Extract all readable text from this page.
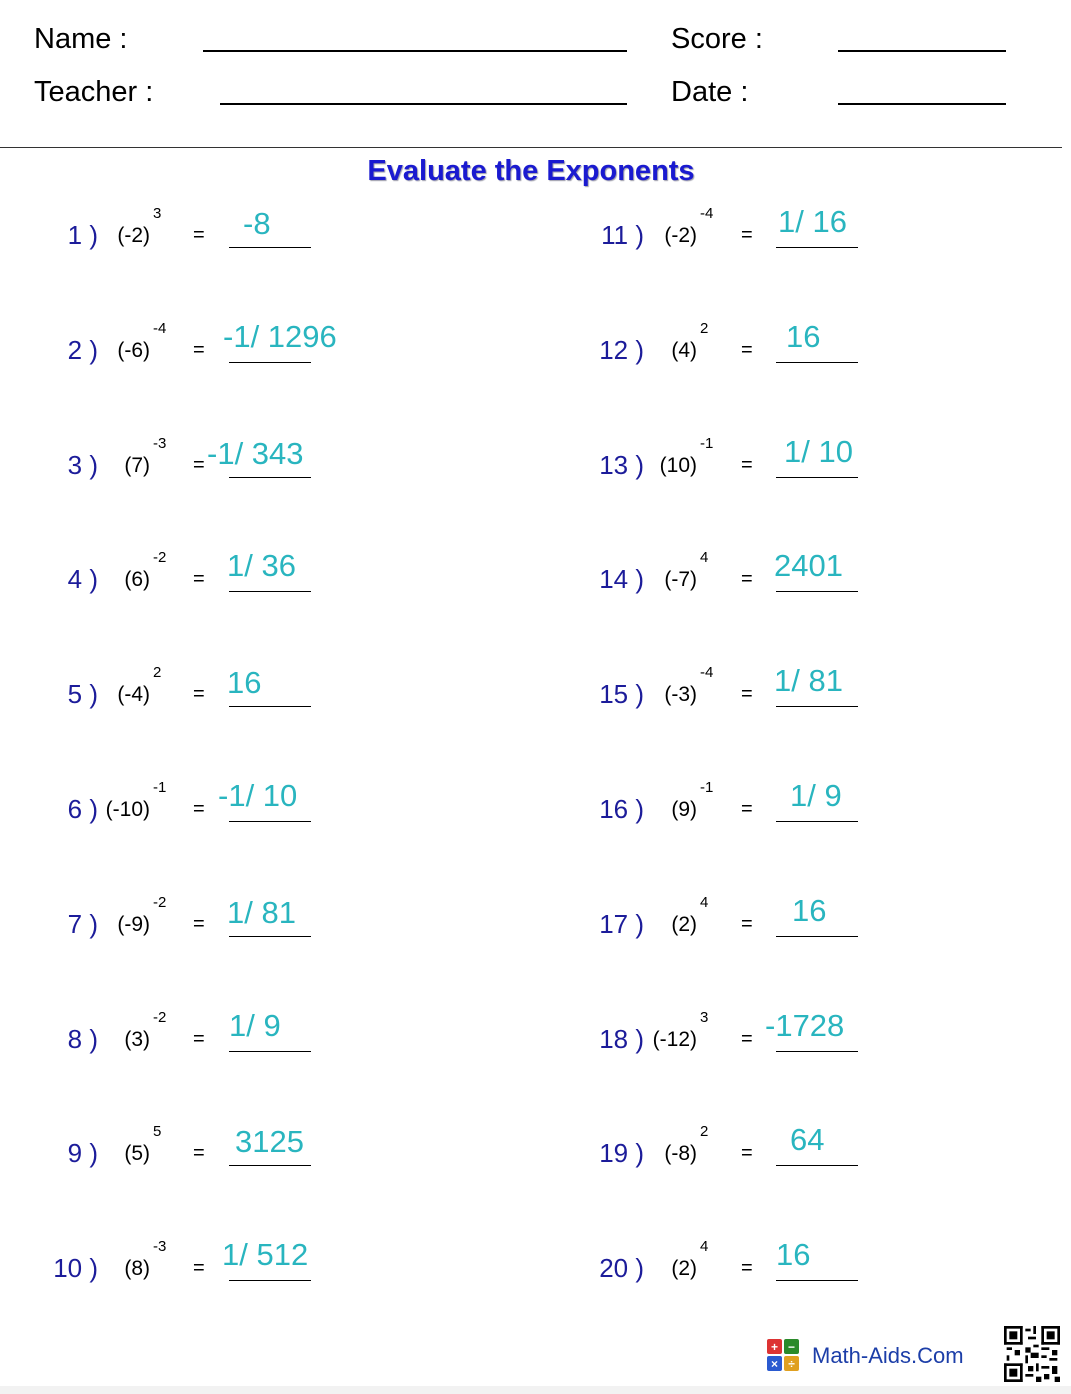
Name :	Score :
Teacher :	Date :
Evaluate the Exponents
1 ) (-2)
3
= -8
2 ) (-6)
-4
= -1/ 1296
3 ) (7)
-3
= -1/ 343
4 ) (6)
-2
= 1/ 36
5 ) (-4)
2
= 16
6 ) (-10)
-1
= -1/ 10
7 ) (-9)
-2
= 1/ 81
8 ) (3)
-2
= 1/ 9
9 ) (5)
5
= 3125
10 ) (8)
-3
= 1/ 512
11 ) (-2)
-4
= 1/ 16
12 ) (4)
2
= 16
13 ) (10)
-1
= 1/ 10
14 ) (-7)
4
= 2401
15 ) (-3)
-4
= 1/ 81
16 ) (9)
-1
= 1/ 9
17 ) (2)
4
= 16
18 ) (-12)
3
= -1728
19 ) (-8)
2
= 64
20 ) (2)
4
= 16
+ −
× ÷ Math-Aids.Com
